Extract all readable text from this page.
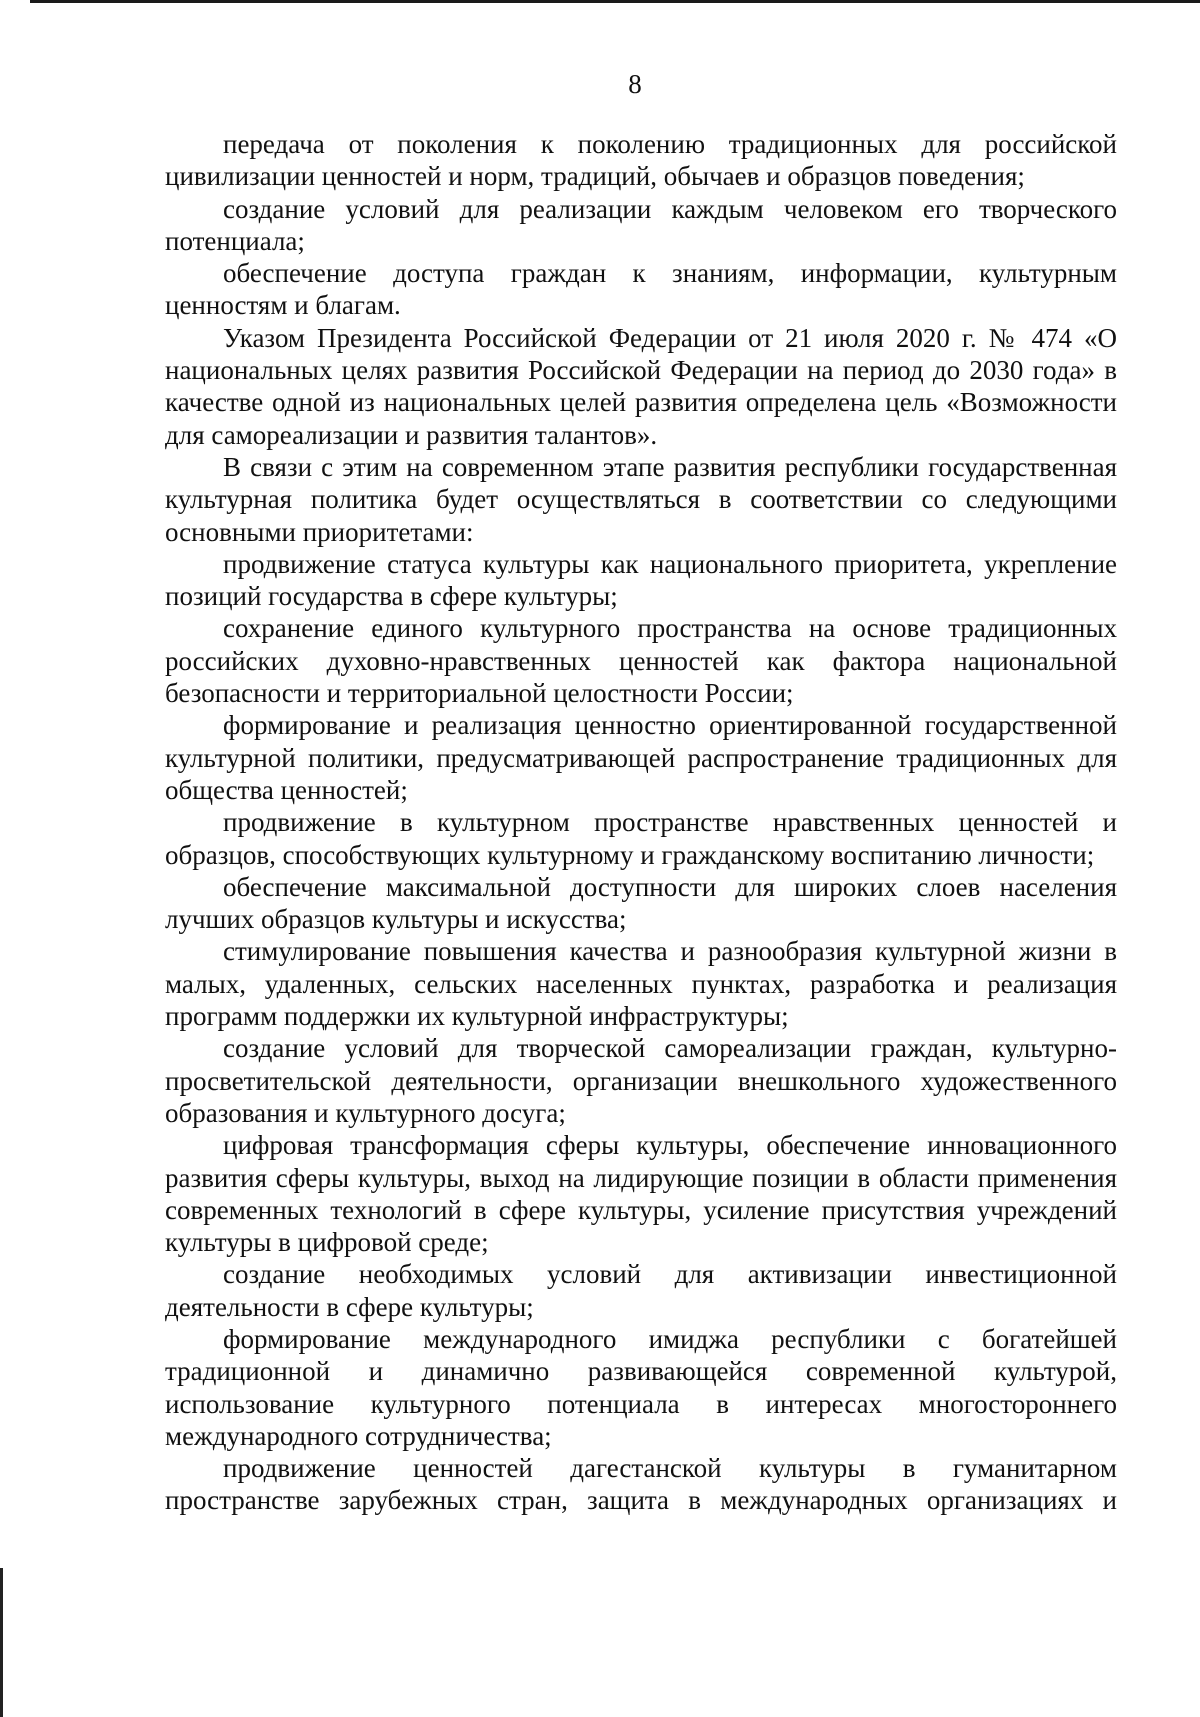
8

передача от поколения к поколению традиционных для российской цивилизации ценностей и норм, традиций, обычаев и образцов поведения;

создание условий для реализации каждым человеком его творческого потенциала;

обеспечение доступа граждан к знаниям, информации, культурным ценностям и благам.

Указом Президента Российской Федерации от 21 июля 2020 г. № 474 «О национальных целях развития Российской Федерации на период до 2030 года» в качестве одной из национальных целей развития определена цель «Возможности для самореализации и развития талантов».

В связи с этим на современном этапе развития республики государственная культурная политика будет осуществляться в соответствии со следующими основными приоритетами:

продвижение статуса культуры как национального приоритета, укрепление позиций государства в сфере культуры;

сохранение единого культурного пространства на основе традиционных российских духовно-нравственных ценностей как фактора национальной безопасности и территориальной целостности России;

формирование и реализация ценностно ориентированной государственной культурной политики, предусматривающей распространение традиционных для общества ценностей;

продвижение в культурном пространстве нравственных ценностей и образцов, способствующих культурному и гражданскому воспитанию личности;

обеспечение максимальной доступности для широких слоев населения лучших образцов культуры и искусства;

стимулирование повышения качества и разнообразия культурной жизни в малых, удаленных, сельских населенных пунктах, разработка и реализация программ поддержки их культурной инфраструктуры;

создание условий для творческой самореализации граждан, культурно-просветительской деятельности, организации внешкольного художественного образования и культурного досуга;

цифровая трансформация сферы культуры, обеспечение инновационного развития сферы культуры, выход на лидирующие позиции в области применения современных технологий в сфере культуры, усиление присутствия учреждений культуры в цифровой среде;

создание необходимых условий для активизации инвестиционной деятельности в сфере культуры;

формирование международного имиджа республики с богатейшей традиционной и динамично развивающейся современной культурой, использование культурного потенциала в интересах многостороннего международного сотрудничества;

продвижение ценностей дагестанской культуры в гуманитарном пространстве зарубежных стран, защита в международных организациях и
